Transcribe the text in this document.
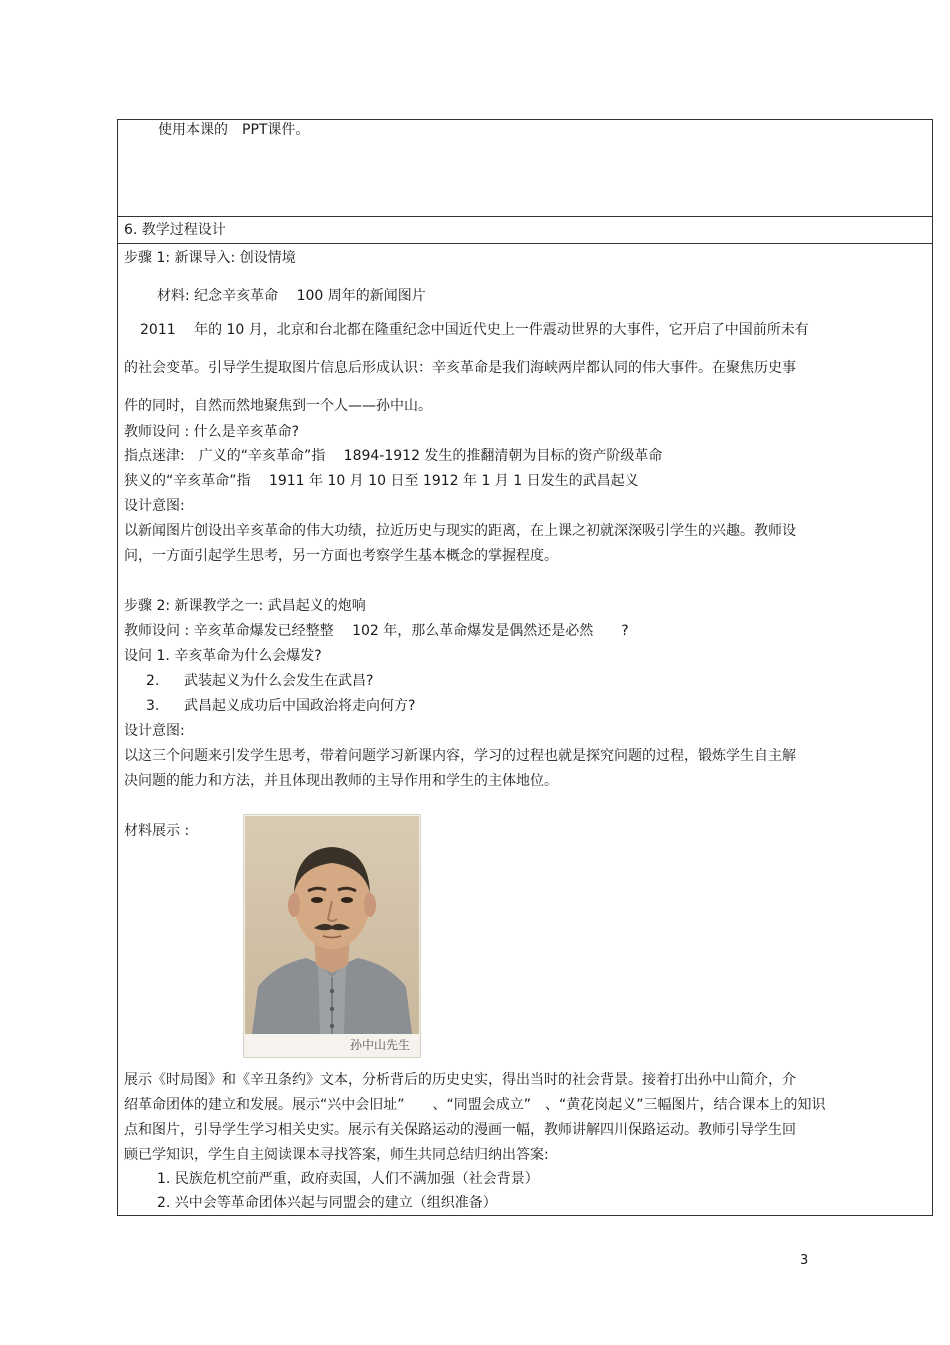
使用本课的　PPT课件。
6. 教学过程设计
步骤 1: 新课导入: 创设情境
材料: 纪念辛亥革命　 100 周年的新闻图片
2011　 年的 10 月，北京和台北都在隆重纪念中国近代史上一件震动世界的大事件，它开启了中国前所未有
的社会变革。引导学生提取图片信息后形成认识：辛亥革命是我们海峡两岸都认同的伟大事件。在聚焦历史事
件的同时，自然而然地聚焦到一个人——孙中山。
教师设问 : 什么是辛亥革命?
指点迷津:　广义的“辛亥革命”指　 1894-1912 发生的推翻清朝为目标的资产阶级革命
狭义的“辛亥革命”指　 1911 年 10 月 10 日至 1912 年 1 月 1 日发生的武昌起义
设计意图:
以新闻图片创设出辛亥革命的伟大功绩，拉近历史与现实的距离，在上课之初就深深吸引学生的兴趣。教师设
问，一方面引起学生思考，另一方面也考察学生基本概念的掌握程度。
步骤 2: 新课教学之一: 武昌起义的炮响
教师设问 : 辛亥革命爆发已经整整　 102 年，那么革命爆发是偶然还是必然　　?
设问 1. 辛亥革命为什么会爆发?
2. 武装起义为什么会发生在武昌?
3. 武昌起义成功后中国政治将走向何方?
设计意图:
以这三个问题来引发学生思考，带着问题学习新课内容，学习的过程也就是探究问题的过程，锻炼学生自主解
决问题的能力和方法，并且体现出教师的主导作用和学生的主体地位。
材料展示 :
孙中山先生
展示《时局图》和《辛丑条约》文本，分析背后的历史史实，得出当时的社会背景。接着打出孙中山简介，介
绍革命团体的建立和发展。展示“兴中会旧址”　　、“同盟会成立”　、“黄花岗起义”三幅图片，结合课本上的知识
点和图片，引导学生学习相关史实。展示有关保路运动的漫画一幅，教师讲解四川保路运动。教师引导学生回
顾已学知识，学生自主阅读课本寻找答案，师生共同总结归纳出答案:
1. 民族危机空前严重，政府卖国，人们不满加强（社会背景）
2. 兴中会等革命团体兴起与同盟会的建立（组织准备）
3
